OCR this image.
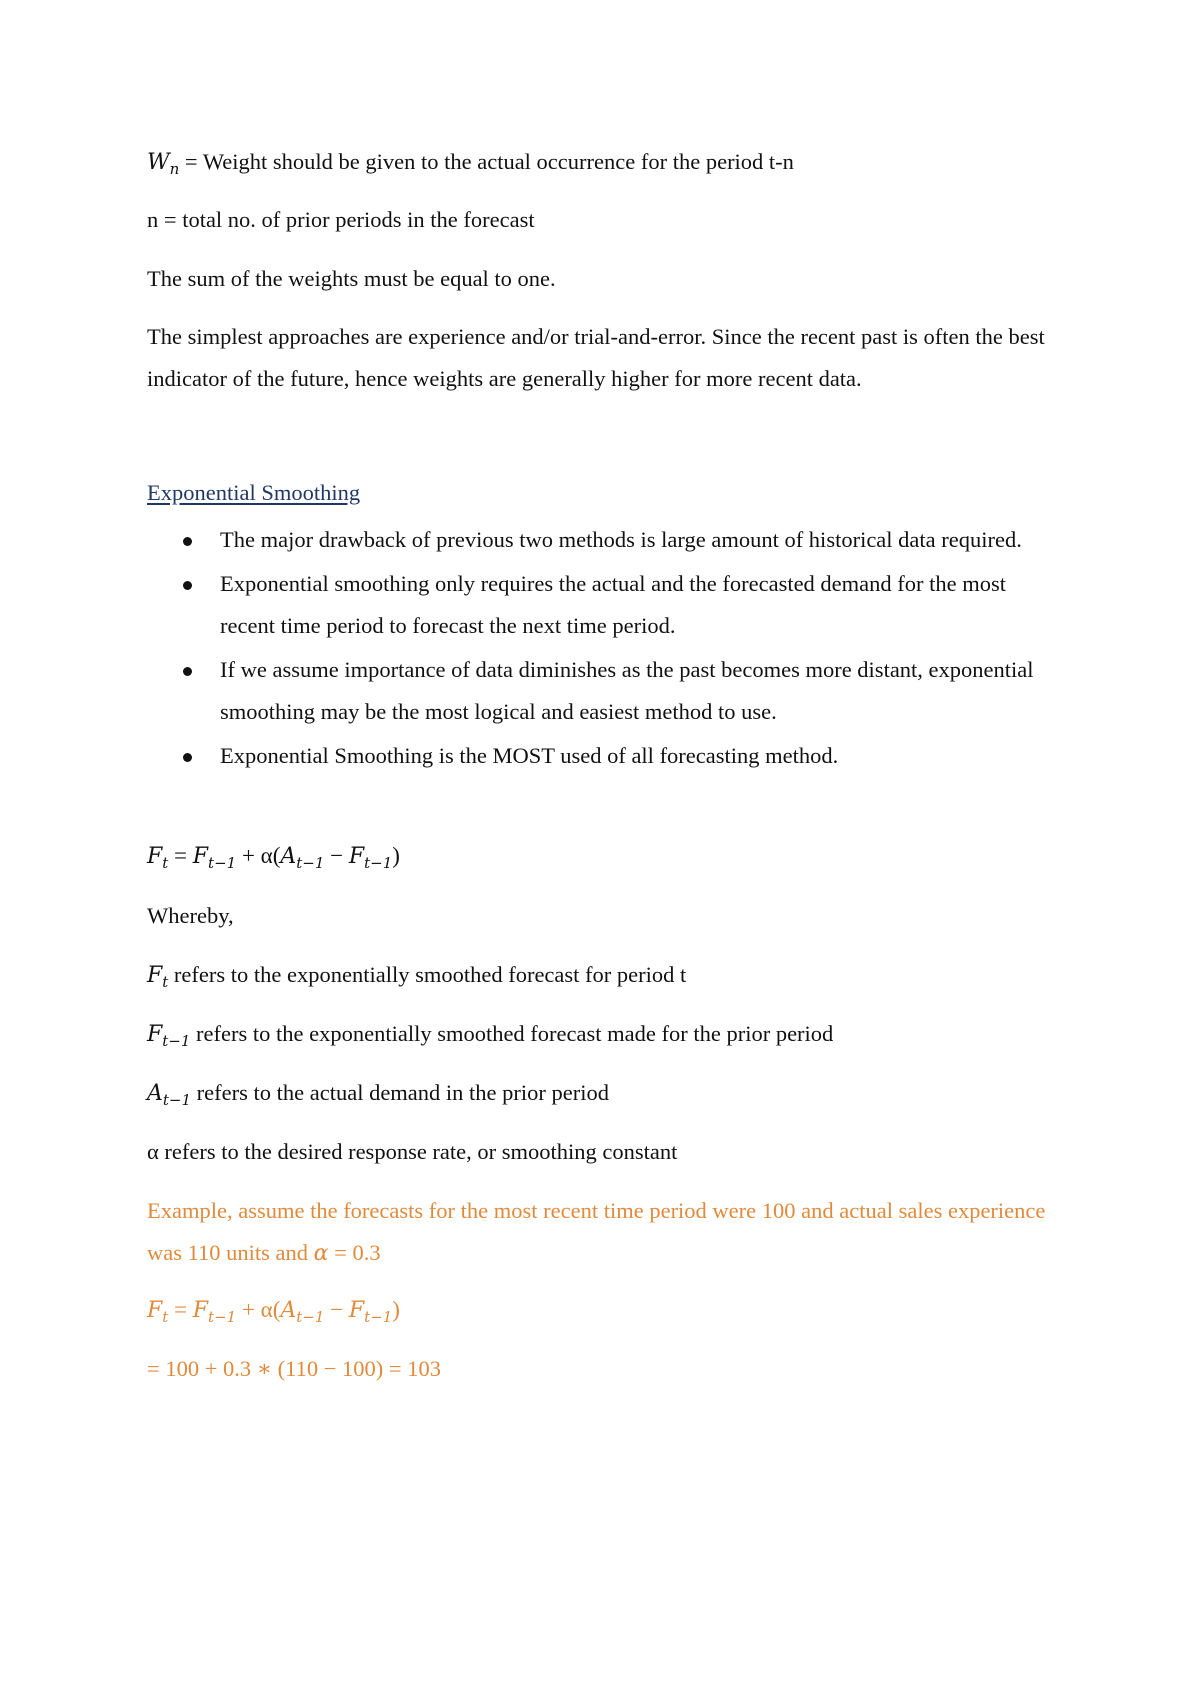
$W_n$ = Weight should be given to the actual occurrence for the period t-n
n = total no. of prior periods in the forecast
The sum of the weights must be equal to one.
The simplest approaches are experience and/or trial-and-error. Since the recent past is often the best indicator of the future, hence weights are generally higher for more recent data.
Exponential Smoothing
The major drawback of previous two methods is large amount of historical data required.
Exponential smoothing only requires the actual and the forecasted demand for the most recent time period to forecast the next time period.
If we assume importance of data diminishes as the past becomes more distant, exponential smoothing may be the most logical and easiest method to use.
Exponential Smoothing is the MOST used of all forecasting method.
$F_t = F_{t-1} + \alpha(A_{t-1} - F_{t-1})$
Whereby,
$F_t$ refers to the exponentially smoothed forecast for period t
$F_{t-1}$ refers to the exponentially smoothed forecast made for the prior period
$A_{t-1}$ refers to the actual demand in the prior period
α refers to the desired response rate, or smoothing constant
Example, assume the forecasts for the most recent time period were 100 and actual sales experience was 110 units and α = 0.3
$F_t = F_{t-1} + \alpha(A_{t-1} - F_{t-1})$
= 100 + 0.3 ∗ (110 − 100) = 103
